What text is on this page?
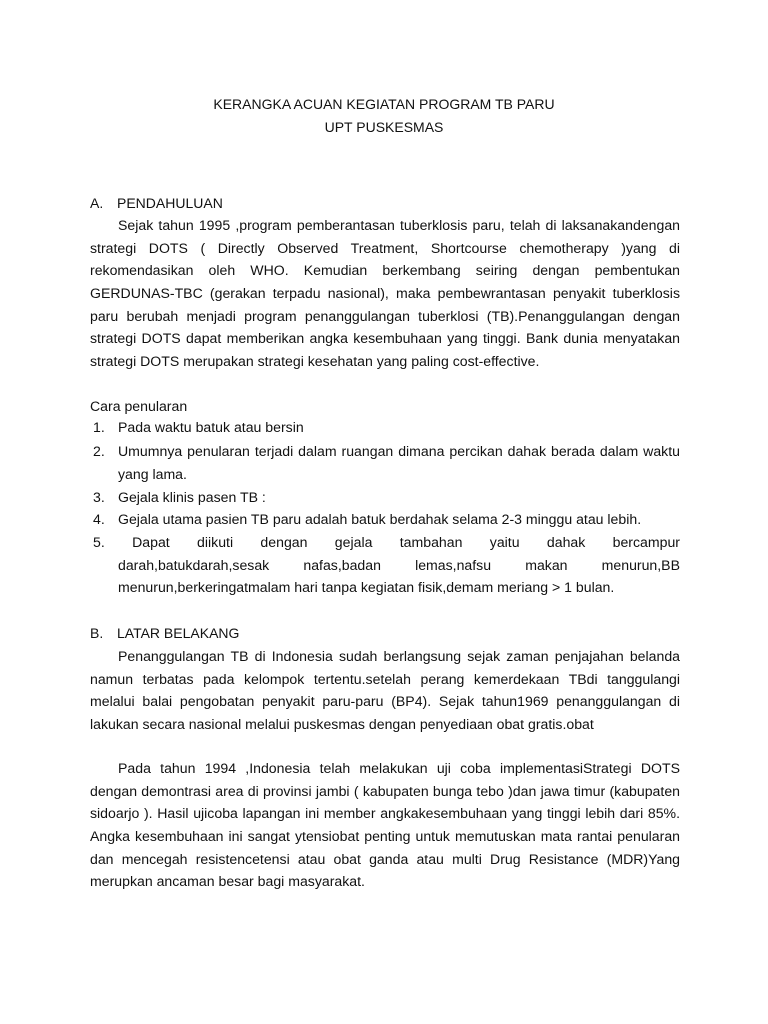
KERANGKA ACUAN KEGIATAN PROGRAM TB PARU
UPT PUSKESMAS
A. PENDAHULUAN

Sejak tahun 1995 ,program pemberantasan tuberklosis paru, telah di laksanakandengan strategi DOTS ( Directly Observed Treatment, Shortcourse chemotherapy )yang di rekomendasikan oleh WHO. Kemudian berkembang seiring dengan pembentukan GERDUNAS-TBC (gerakan terpadu nasional), maka pembewrantasan penyakit tuberklosis paru berubah menjadi program penanggulangan tuberklosi (TB).Penanggulangan dengan strategi DOTS dapat memberikan angka kesembuhaan yang tinggi. Bank dunia menyatakan strategi DOTS merupakan strategi kesehatan yang paling cost-effective.

Cara penularan

1. Pada waktu batuk atau bersin
2. Umumnya penularan terjadi dalam ruangan dimana percikan dahak berada dalam waktu yang lama.
3. Gejala klinis pasen TB :
4. Gejala utama pasien TB paru adalah batuk berdahak selama 2-3 minggu atau lebih.
5. Dapat diikuti dengan gejala tambahan yaitu dahak bercampur
darah,batukdarah,sesak nafas,badan lemas,nafsu makan menurun,BB menurun,berkeringatmalam hari tanpa kegiatan fisik,demam meriang > 1 bulan.
B. LATAR BELAKANG

Penanggulangan TB di Indonesia sudah berlangsung sejak zaman penjajahan belanda namun terbatas pada kelompok tertentu.setelah perang kemerdekaan TBdi tanggulangi melalui balai pengobatan penyakit paru-paru (BP4). Sejak tahun1969 penanggulangan di lakukan secara nasional melalui puskesmas dengan penyediaan obat gratis.obat

Pada tahun 1994 ,Indonesia telah melakukan uji coba implementasiStrategi DOTS dengan demontrasi area di provinsi jambi ( kabupaten bunga tebo )dan jawa timur (kabupaten sidoarjo ). Hasil ujicoba lapangan ini member angkakesembuhaan yang tinggi lebih dari 85%. Angka kesembuhaan ini sangat ytensiobat penting untuk memutuskan mata rantai penularan dan mencegah resistencetensi atau obat ganda atau multi Drug Resistance (MDR)Yang merupkan ancaman besar bagi masyarakat.
